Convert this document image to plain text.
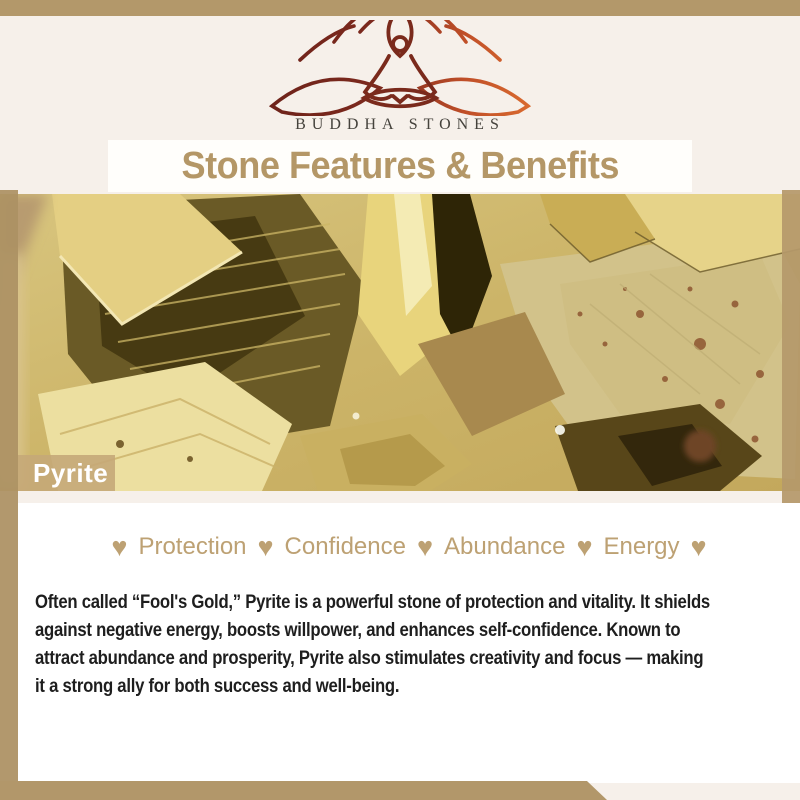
BUDDHA STONES
Stone Features & Benefits
Pyrite
♥ Protection ♥ Confidence ♥ Abundance ♥ Energy ♥
Often called “Fool's Gold,” Pyrite is a powerful stone of protection and vitality. It shields
against negative energy, boosts willpower, and enhances self-confidence. Known to
attract abundance and prosperity, Pyrite also stimulates creativity and focus — making
it a strong ally for both success and well-being.
